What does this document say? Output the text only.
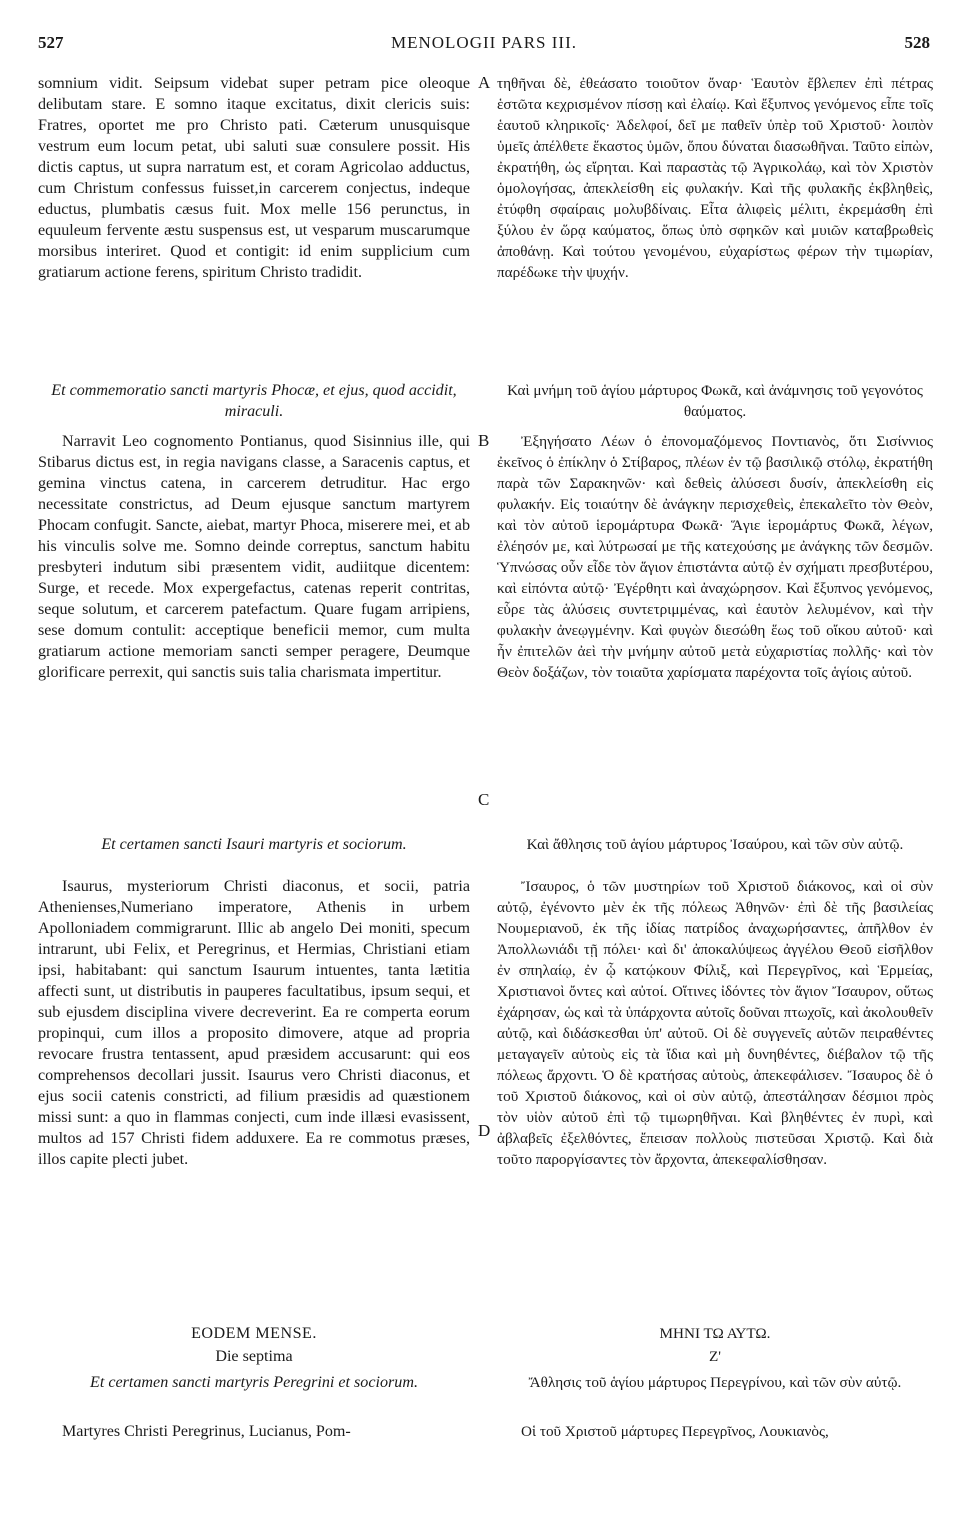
527	MENOLOGII PARS III.	528
A
B
C
D
somnium vidit. Seipsum videbat super petram pice oleoque delibutam stare. E somno itaque excitatus, dixit clericis suis: Fratres, oportet me pro Christo pati. Cæterum unusquisque vestrum eum locum petat, ubi saluti suæ consulere possit. His dictis captus, ut supra narratum est, et coram Agricolao adductus, cum Christum confessus fuisset,in carcerem conjectus, indeque eductus, plumbatis cæsus fuit. Mox melle 156 perunctus, in equuleum fervente æstu suspensus est, ut vesparum muscarumque morsibus interiret. Quod et contigit: id enim supplicium cum gratiarum actione ferens, spiritum Christo tradidit.
Et commemoratio sancti martyris Phocæ, et ejus, quod accidit, miraculi.
Narravit Leo cognomento Pontianus, quod Sisinnius ille, qui Stibarus dictus est, in regia navigans classe, a Saracenis captus, et gemina vinctus catena, in carcerem detruditur. Hac ergo necessitate constrictus, ad Deum ejusque sanctum martyrem Phocam confugit. Sancte, aiebat, martyr Phoca, miserere mei, et ab his vinculis solve me. Somno deinde correptus, sanctum habitu presbyteri indutum sibi præsentem vidit, audiitque dicentem: Surge, et recede. Mox expergefactus, catenas reperit contritas, seque solutum, et carcerem patefactum. Quare fugam arripiens, sese domum contulit: acceptique beneficii memor, cum multa gratiarum actione memoriam sancti semper peragere, Deumque glorificare perrexit, qui sanctis suis talia charismata impertitur.
Et certamen sancti Isauri martyris et sociorum.
Isaurus, mysteriorum Christi diaconus, et socii, patria Athenienses,Numeriano imperatore, Athenis in urbem Apolloniadem commigrarunt. Illic ab angelo Dei moniti, specum intrarunt, ubi Felix, et Peregrinus, et Hermias, Christiani etiam ipsi, habitabant: qui sanctum Isaurum intuentes, tanta lætitia affecti sunt, ut distributis in pauperes facultatibus, ipsum sequi, et sub ejusdem disciplina vivere decreverint. Ea re comperta eorum propinqui, cum illos a proposito dimovere, atque ad propria revocare frustra tentassent, apud præsidem accusarunt: qui eos comprehensos decollari jussit. Isaurus vero Christi diaconus, et ejus socii catenis constricti, ad filium præsidis ad quæstionem missi sunt: a quo in flammas conjecti, cum inde illæsi evasissent, multos ad 157 Christi fidem adduxere. Ea re commotus præses, illos capite plecti jubet.
EODEM MENSE.
Die septima
Et certamen sancti martyris Peregrini et sociorum.
Martyres Christi Peregrinus, Lucianus, Pom-
τηθῆναι δὲ, ἐθεάσατο τοιοῦτον ὄναρ· Ἑαυτὸν ἔβλεπεν ἐπὶ πέτρας ἑστῶτα κεχρισμένον πίσσῃ καὶ ἐλαίῳ. Καὶ ἔξυπνος γενόμενος εἶπε τοῖς ἑαυτοῦ κληρικοῖς· Ἀδελφοί, δεῖ με παθεῖν ὑπὲρ τοῦ Χριστοῦ· λοιπὸν ὑμεῖς ἀπέλθετε ἕκαστος ὑμῶν, ὅπου δύναται διασωθῆναι. Ταῦτο εἰπὼν, ἐκρατήθη, ὡς εἴρηται. Καὶ παραστὰς τῷ Ἀγρικολάῳ, καὶ τὸν Χριστὸν ὁμολογήσας, ἀπεκλείσθη εἰς φυλακήν. Καὶ τῆς φυλακῆς ἐκβληθεὶς, ἐτύφθη σφαίραις μολυβδίναις. Εἶτα ἀλιφεὶς μέλιτι, ἐκρεμάσθη ἐπὶ ξύλου ἐν ὥρᾳ καύματος, ὅπως ὑπὸ σφηκῶν καὶ μυιῶν καταβρωθεὶς ἀποθάνῃ. Καὶ τούτου γενομένου, εὐχαρίστως φέρων τὴν τιμωρίαν, παρέδωκε τὴν ψυχήν.
Καὶ μνήμη τοῦ ἁγίου μάρτυρος Φωκᾶ, καὶ ἀνάμνησις τοῦ γεγονότος θαύματος.
Ἐξηγήσατο Λέων ὁ ἐπονομαζόμενος Ποντιανὸς, ὅτι Σισίννιος ἐκεῖνος ὁ ἐπίκλην ὁ Στίβαρος, πλέων ἐν τῷ βασιλικῷ στόλῳ, ἐκρατήθη παρὰ τῶν Σαρακηνῶν· καὶ δεθεὶς ἁλύσεσι δυσίν, ἀπεκλείσθη εἰς φυλακήν. Εἰς τοιαύτην δὲ ἀνάγκην περισχεθεὶς, ἐπεκαλεῖτο τὸν Θεὸν, καὶ τὸν αὐτοῦ ἱερομάρτυρα Φωκᾶ· Ἅγιε ἱερομάρτυς Φωκᾶ, λέγων, ἐλέησόν με, καὶ λύτρωσαί με τῆς κατεχούσης με ἀνάγκης τῶν δεσμῶν. Ὑπνώσας οὖν εἶδε τὸν ἅγιον ἐπιστάντα αὐτῷ ἐν σχήματι πρεσβυτέρου, καὶ εἰπόντα αὐτῷ· Ἐγέρθητι καὶ ἀναχώρησον. Καὶ ἔξυπνος γενόμενος, εὗρε τὰς ἁλύσεις συντετριμμένας, καὶ ἑαυτὸν λελυμένον, καὶ τὴν φυλακὴν ἀνεῳγμένην. Καὶ φυγὼν διεσώθη ἕως τοῦ οἴκου αὐτοῦ· καὶ ἦν ἐπιτελῶν ἀεὶ τὴν μνήμην αὐτοῦ μετὰ εὐχαριστίας πολλῆς· καὶ τὸν Θεὸν δοξάζων, τὸν τοιαῦτα χαρίσματα παρέχοντα τοῖς ἁγίοις αὐτοῦ.
Καὶ ἄθλησις τοῦ ἁγίου μάρτυρος Ἰσαύρου, καὶ τῶν σὺν αὐτῷ.
Ἴσαυρος, ὁ τῶν μυστηρίων τοῦ Χριστοῦ διάκονος, καὶ οἱ σὺν αὐτῷ, ἐγένοντο μὲν ἐκ τῆς πόλεως Ἀθηνῶν· ἐπὶ δὲ τῆς βασιλείας Νουμεριανοῦ, ἐκ τῆς ἰδίας πατρίδος ἀναχωρήσαντες, ἀπῆλθον ἐν Ἀπολλωνιάδι τῇ πόλει· καὶ δι' ἀποκαλύψεως ἀγγέλου Θεοῦ εἰσῆλθον ἐν σπηλαίῳ, ἐν ᾧ κατῴκουν Φίλιξ, καὶ Περεγρῖνος, καὶ Ἑρμείας, Χριστιανοὶ ὄντες καὶ αὐτοί. Οἵτινες ἰδόντες τὸν ἅγιον Ἴσαυρον, οὕτως ἐχάρησαν, ὡς καὶ τὰ ὑπάρχοντα αὐτοῖς δοῦναι πτωχοῖς, καὶ ἀκολουθεῖν αὐτῷ, καὶ διδάσκεσθαι ὑπ' αὐτοῦ. Οἱ δὲ συγγενεῖς αὐτῶν πειραθέντες μεταγαγεῖν αὐτοὺς εἰς τὰ ἴδια καὶ μὴ δυνηθέντες, διέβαλον τῷ τῆς πόλεως ἄρχοντι. Ὁ δὲ κρατήσας αὐτοὺς, ἀπεκεφάλισεν. Ἴσαυρος δὲ ὁ τοῦ Χριστοῦ διάκονος, καὶ οἱ σὺν αὐτῷ, ἀπεστάλησαν δέσμιοι πρὸς τὸν υἱὸν αὐτοῦ ἐπὶ τῷ τιμωρηθῆναι. Καὶ βληθέντες ἐν πυρὶ, καὶ ἀβλαβεῖς ἐξελθόντες, ἔπεισαν πολλοὺς πιστεῦσαι Χριστῷ. Καὶ διὰ τοῦτο παροργίσαντες τὸν ἄρχοντα, ἀπεκεφαλίσθησαν.
ΜΗΝΙ ΤΩ ΑΥΤΩ.
Ζ'
Ἄθλησις τοῦ ἁγίου μάρτυρος Περεγρίνου, καὶ τῶν σὺν αὐτῷ.
Οἱ τοῦ Χριστοῦ μάρτυρες Περεγρῖνος, Λουκιανὸς,
